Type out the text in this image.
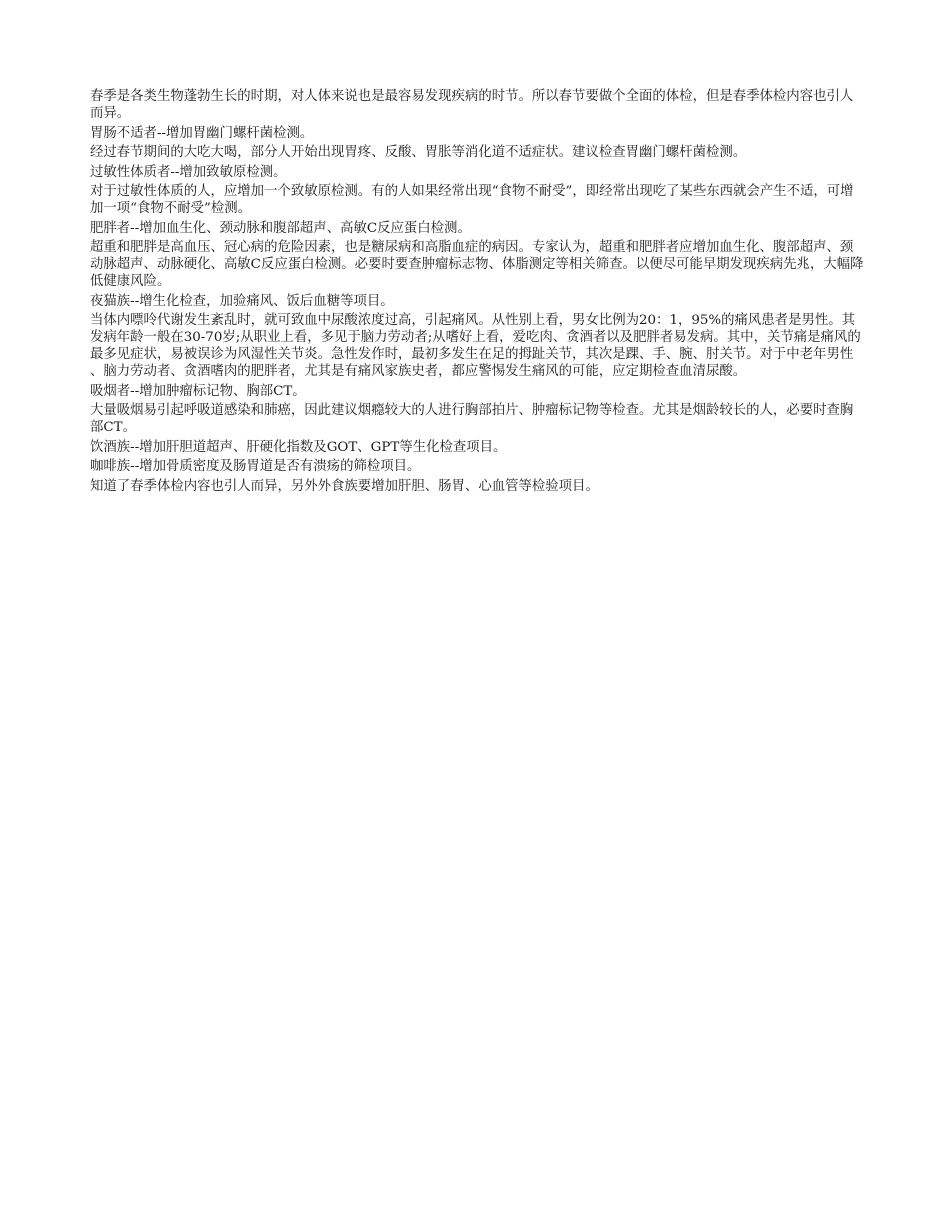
春季是各类生物蓬勃生长的时期，对人体来说也是最容易发现疾病的时节。所以春节要做个全面的体检，但是春季体检内容也引人而异。

胃肠不适者--增加胃幽门螺杆菌检测。

经过春节期间的大吃大喝，部分人开始出现胃疼、反酸、胃胀等消化道不适症状。建议检查胃幽门螺杆菌检测。

过敏性体质者--增加致敏原检测。

对于过敏性体质的人，应增加一个致敏原检测。有的人如果经常出现“食物不耐受”，即经常出现吃了某些东西就会产生不适，可增加一项“食物不耐受”检测。

肥胖者--增加血生化、颈动脉和腹部超声、高敏C反应蛋白检测。

超重和肥胖是高血压、冠心病的危险因素，也是糖尿病和高脂血症的病因。专家认为，超重和肥胖者应增加血生化、腹部超声、颈动脉超声、动脉硬化、高敏C反应蛋白检测。必要时要查肿瘤标志物、体脂测定等相关筛查。以便尽可能早期发现疾病先兆，大幅降低健康风险。

夜猫族--增生化检查，加验痛风、饭后血糖等项目。

当体内嘌呤代谢发生紊乱时，就可致血中尿酸浓度过高，引起痛风。从性别上看，男女比例为20：1，95%的痛风患者是男性。其发病年龄一般在30-70岁;从职业上看，多见于脑力劳动者;从嗜好上看，爱吃肉、贪酒者以及肥胖者易发病。其中，关节痛是痛风的最多见症状，易被误诊为风湿性关节炎。急性发作时，最初多发生在足的拇趾关节，其次是踝、手、腕、肘关节。对于中老年男性、脑力劳动者、贪酒嗜肉的肥胖者，尤其是有痛风家族史者，都应警惕发生痛风的可能，应定期检查血清尿酸。

吸烟者--增加肿瘤标记物、胸部CT。

大量吸烟易引起呼吸道感染和肺癌，因此建议烟瘾较大的人进行胸部拍片、肿瘤标记物等检查。尤其是烟龄较长的人，必要时查胸部CT。

饮酒族--增加肝胆道超声、肝硬化指数及GOT、GPT等生化检查项目。

咖啡族--增加骨质密度及肠胃道是否有溃疡的筛检项目。

知道了春季体检内容也引人而异，另外外食族要增加肝胆、肠胃、心血管等检验项目。
